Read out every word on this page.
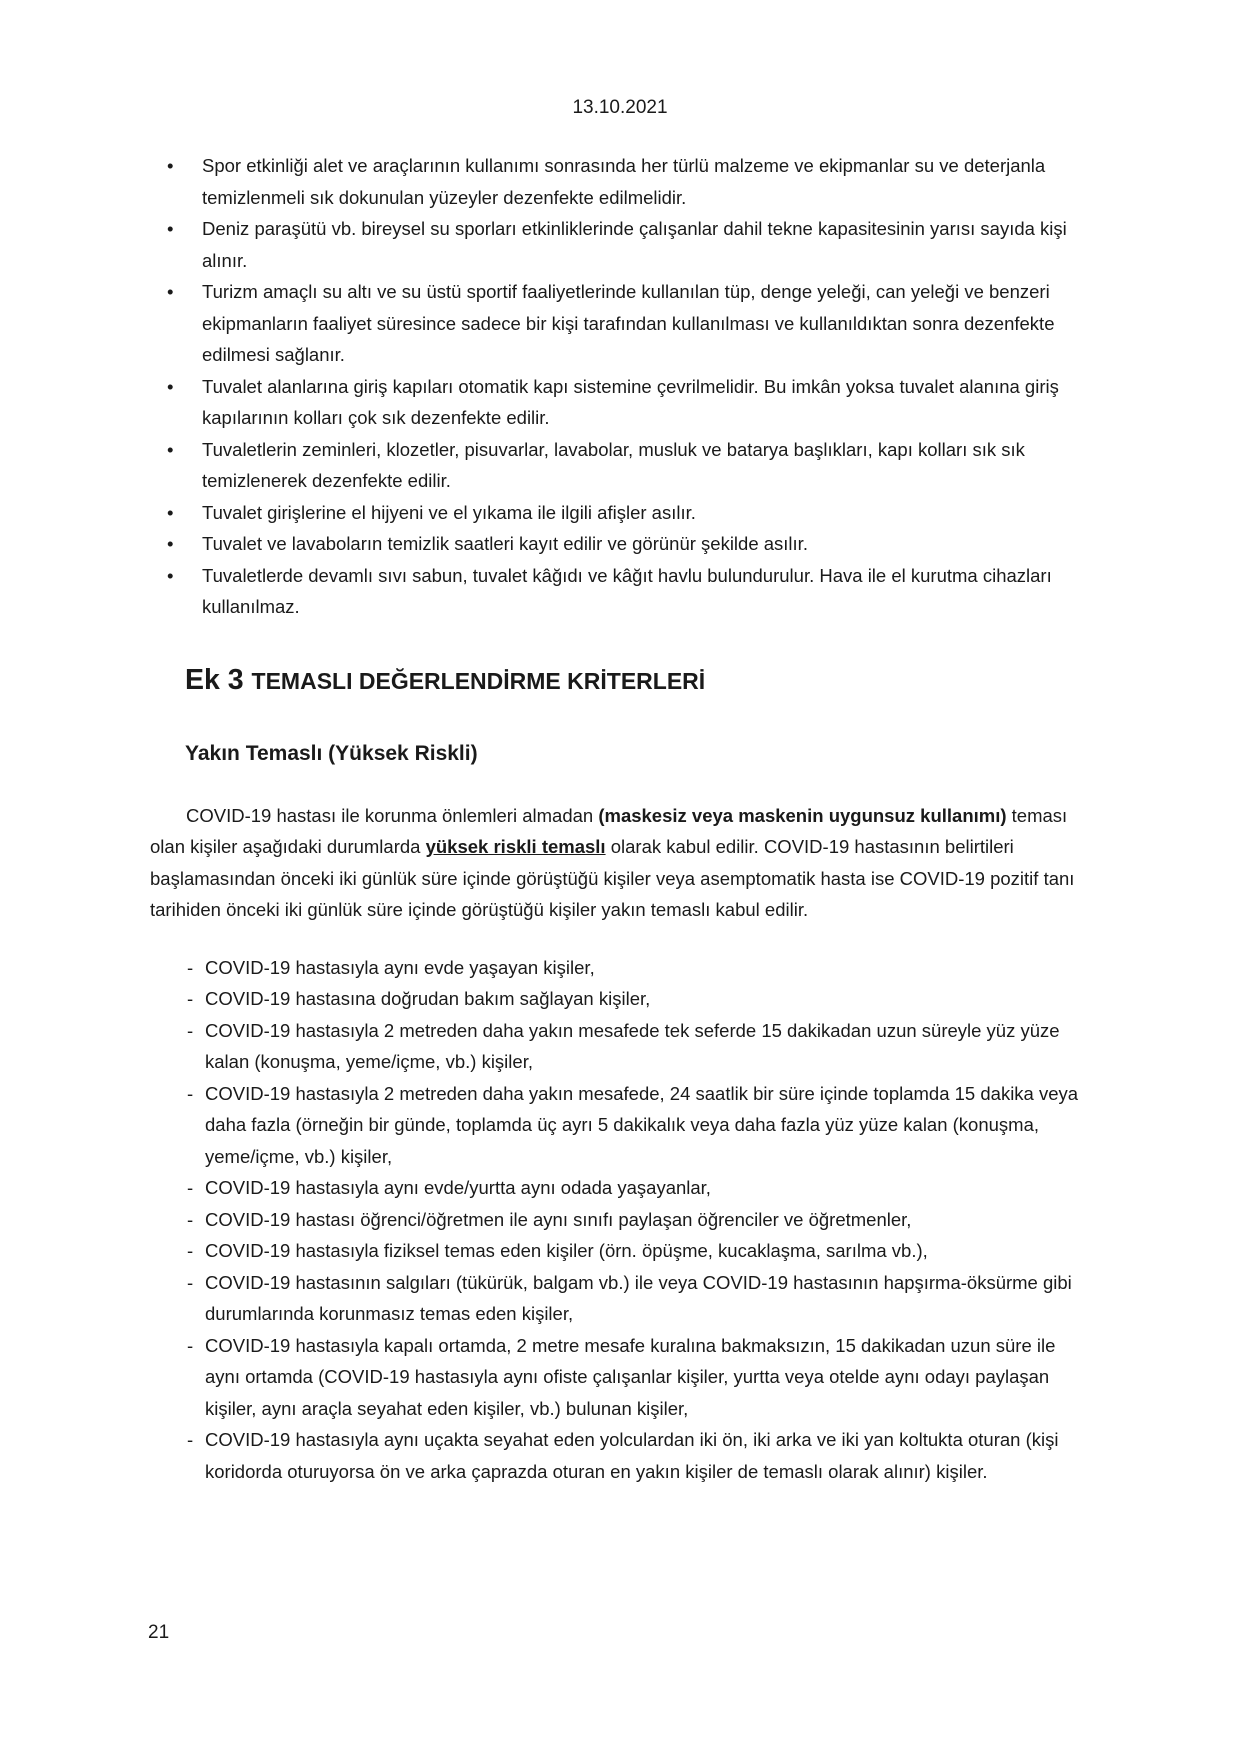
13.10.2021
• Spor etkinliği alet ve araçlarının kullanımı sonrasında her türlü malzeme ve ekipmanlar su ve deterjanla temizlenmeli sık dokunulan yüzeyler dezenfekte edilmelidir.
• Deniz paraşütü vb. bireysel su sporları etkinliklerinde çalışanlar dahil tekne kapasitesinin yarısı sayıda kişi alınır.
• Turizm amaçlı su altı ve su üstü sportif faaliyetlerinde kullanılan tüp, denge yeleği, can yeleği ve benzeri ekipmanların faaliyet süresince sadece bir kişi tarafından kullanılması ve kullanıldıktan sonra dezenfekte edilmesi sağlanır.
• Tuvalet alanlarına giriş kapıları otomatik kapı sistemine çevrilmelidir. Bu imkân yoksa tuvalet alanına giriş kapılarının kolları çok sık dezenfekte edilir.
• Tuvaletlerin zeminleri, klozetler, pisuvarlar, lavabolar, musluk ve batarya başlıkları, kapı kolları sık sık temizlenerek dezenfekte edilir.
• Tuvalet girişlerine el hijyeni ve el yıkama ile ilgili afişler asılır.
• Tuvalet ve lavaboların temizlik saatleri kayıt edilir ve görünür şekilde asılır.
• Tuvaletlerde devamlı sıvı sabun, tuvalet kâğıdı ve kâğıt havlu bulundurulur. Hava ile el kurutma cihazları kullanılmaz.
Ek 3 TEMASLI DEĞERLENDİRME KRİTERLERİ
Yakın Temaslı (Yüksek Riskli)

COVID-19 hastası ile korunma önlemleri almadan (maskesiz veya maskenin uygunsuz kullanımı) teması olan kişiler aşağıdaki durumlarda yüksek riskli temaslı olarak kabul edilir. COVID-19 hastasının belirtileri başlamasından önceki iki günlük süre içinde görüştüğü kişiler veya asemptomatik hasta ise COVID-19 pozitif tanı tarihiden önceki iki günlük süre içinde görüştüğü kişiler yakın temaslı kabul edilir.

- COVID-19 hastasıyla aynı evde yaşayan kişiler,
- COVID-19 hastasına doğrudan bakım sağlayan kişiler,
- COVID-19 hastasıyla 2 metreden daha yakın mesafede tek seferde 15 dakikadan uzun süreyle yüz yüze kalan (konuşma, yeme/içme, vb.) kişiler,
- COVID-19 hastasıyla 2 metreden daha yakın mesafede, 24 saatlik bir süre içinde toplamda 15 dakika veya daha fazla (örneğin bir günde, toplamda üç ayrı 5 dakikalık veya daha fazla yüz yüze kalan (konuşma, yeme/içme, vb.) kişiler,
- COVID-19 hastasıyla aynı evde/yurtta aynı odada yaşayanlar,
- COVID-19 hastası öğrenci/öğretmen ile aynı sınıfı paylaşan öğrenciler ve öğretmenler,
- COVID-19 hastasıyla fiziksel temas eden kişiler (örn. öpüşme, kucaklaşma, sarılma vb.),
- COVID-19 hastasının salgıları (tükürük, balgam vb.) ile veya COVID-19 hastasının hapşırma-öksürme gibi durumlarında korunmasız temas eden kişiler,
- COVID-19 hastasıyla kapalı ortamda, 2 metre mesafe kuralına bakmaksızın, 15 dakikadan uzun süre ile aynı ortamda (COVID-19 hastasıyla aynı ofiste çalışanlar kişiler, yurtta veya otelde aynı odayı paylaşan kişiler, aynı araçla seyahat eden kişiler, vb.) bulunan kişiler,
- COVID-19 hastasıyla aynı uçakta seyahat eden yolculardan iki ön, iki arka ve iki yan koltukta oturan (kişi koridorda oturuyorsa ön ve arka çaprazda oturan en yakın kişiler de temaslı olarak alınır) kişiler.
21
